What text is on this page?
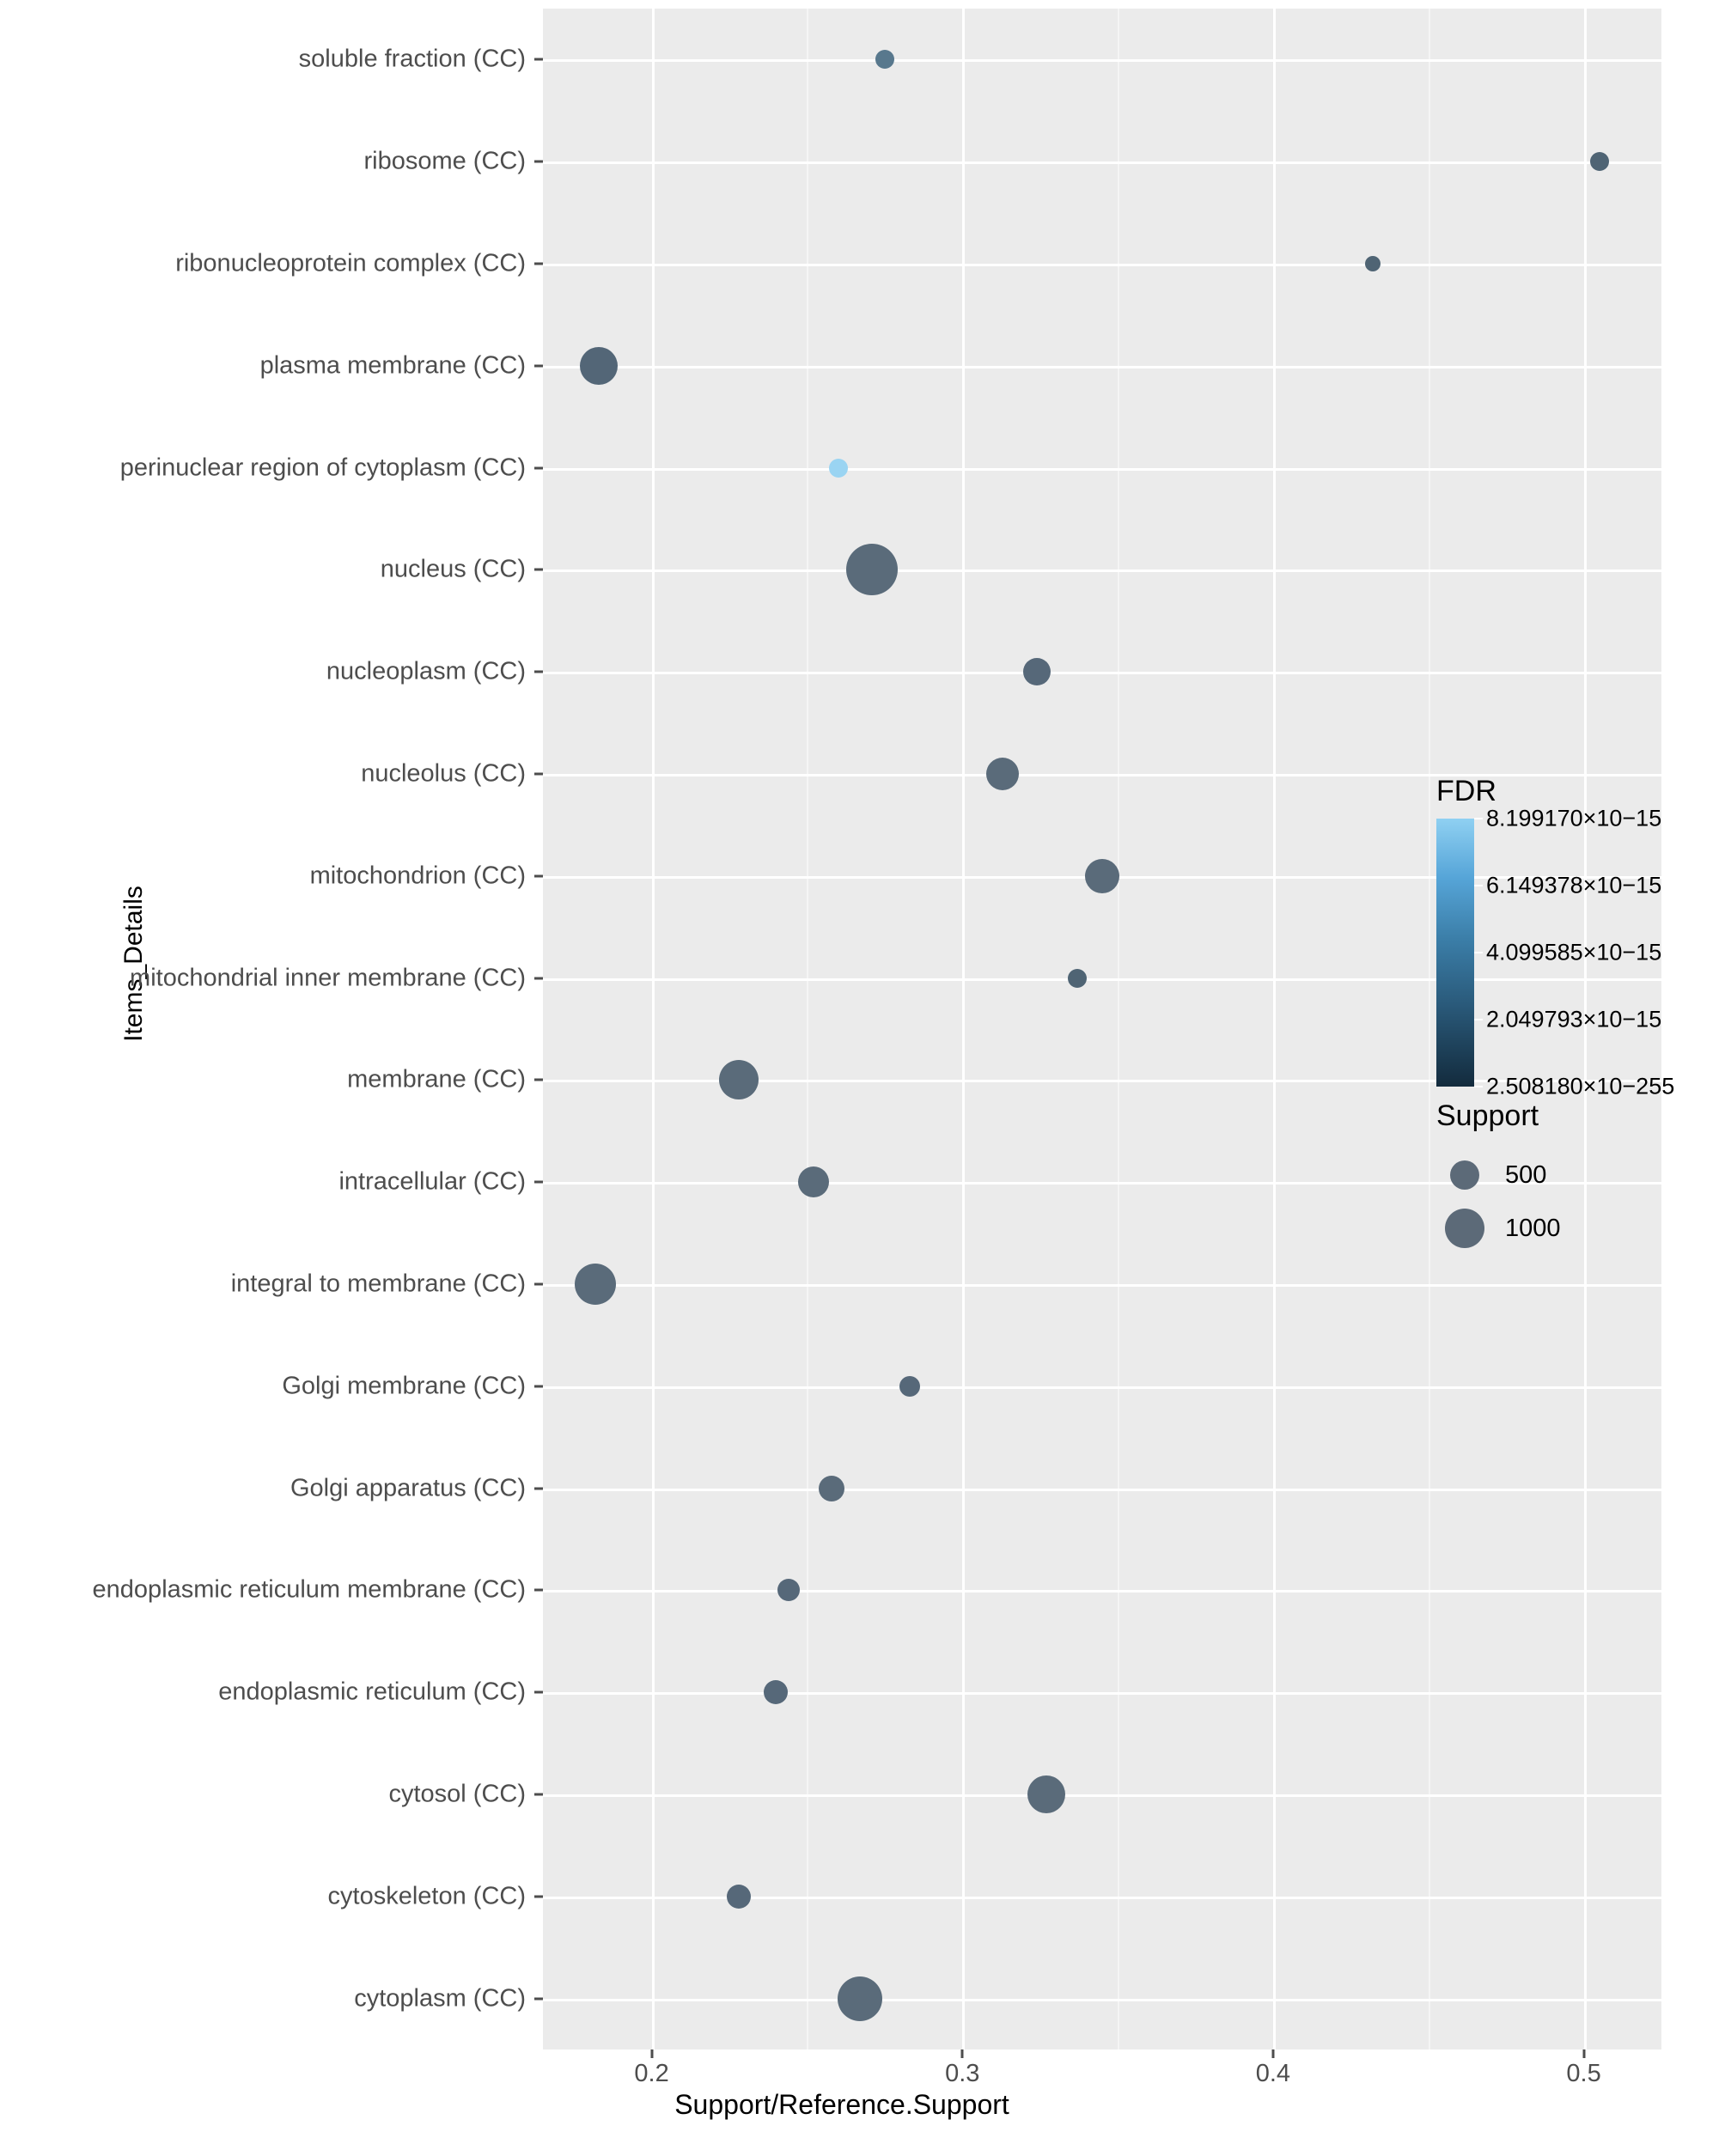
Items_Details
Support/Reference.Support
cytoplasm (CC)
cytoskeleton (CC)
cytosol (CC)
endoplasmic reticulum (CC)
endoplasmic reticulum membrane (CC)
Golgi apparatus (CC)
Golgi membrane (CC)
integral to membrane (CC)
intracellular (CC)
membrane (CC)
mitochondrial inner membrane (CC)
mitochondrion (CC)
nucleolus (CC)
nucleoplasm (CC)
nucleus (CC)
perinuclear region of cytoplasm (CC)
plasma membrane (CC)
ribonucleoprotein complex (CC)
ribosome (CC)
soluble fraction (CC)
0.2	0.3	0.4	0.5
FDR
8.199170×10−15
6.149378×10−15
4.099585×10−15
2.049793×10−15
2.508180×10−255
Support
500
1000
